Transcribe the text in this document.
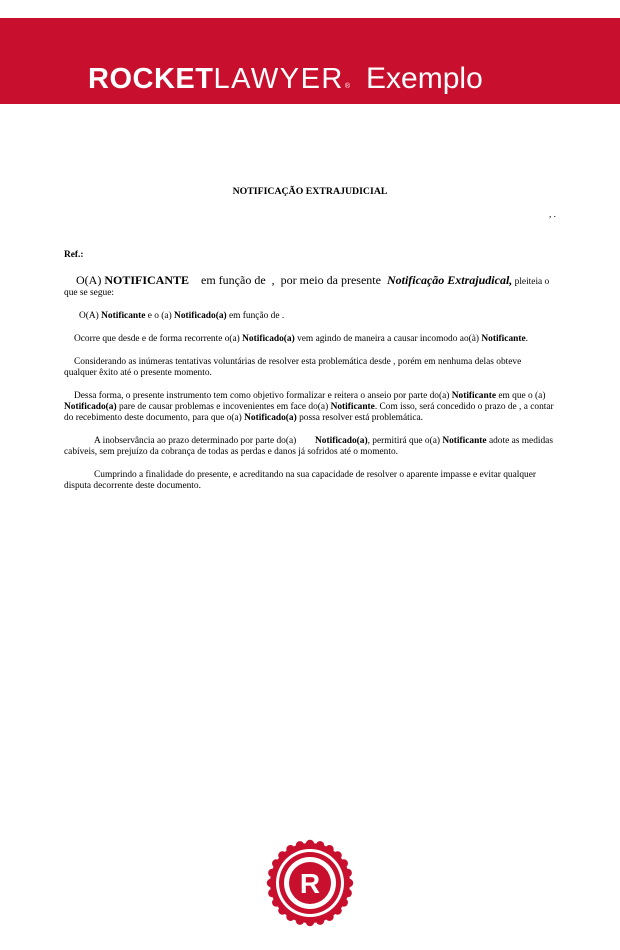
ROCKET LAWYER ® Exemplo

NOTIFICAÇÃO EXTRAJUDICIAL

, .

Ref.:

O(A) NOTIFICANTE    em função de  ,  por meio da presente  Notificação Extrajudical, pleiteia o que se segue:

O(A) Notificante e o (a) Notificado(a) em função de .

Ocorre que desde e de forma recorrente o(a) Notificado(a) vem agindo de maneira a causar incomodo ao(à) Notificante.

Considerando as inúmeras tentativas voluntárias de resolver esta problemática desde , porém em nenhuma delas obteve qualquer êxito até o presente momento.

Dessa forma, o presente instrumento tem como objetivo formalizar e reitera o anseio por parte do(a) Notificante em que o (a) Notificado(a) pare de causar problemas e incovenientes em face do(a) Notificante. Com isso, será concedido o prazo de , a contar do recebimento deste documento, para que o(a) Notificado(a) possa resolver está problemática.

A inobservância ao prazo determinado por parte do(a)        Notificado(a), permitirá que o(a) Notificante adote as medidas cabíveis, sem prejuízo da cobrança de todas as perdas e danos já sofridos até o momento.

Cumprindo a finalidade do presente, e acreditando na sua capacidade de resolver o aparente impasse e evitar qualquer disputa decorrente deste documento.

R
